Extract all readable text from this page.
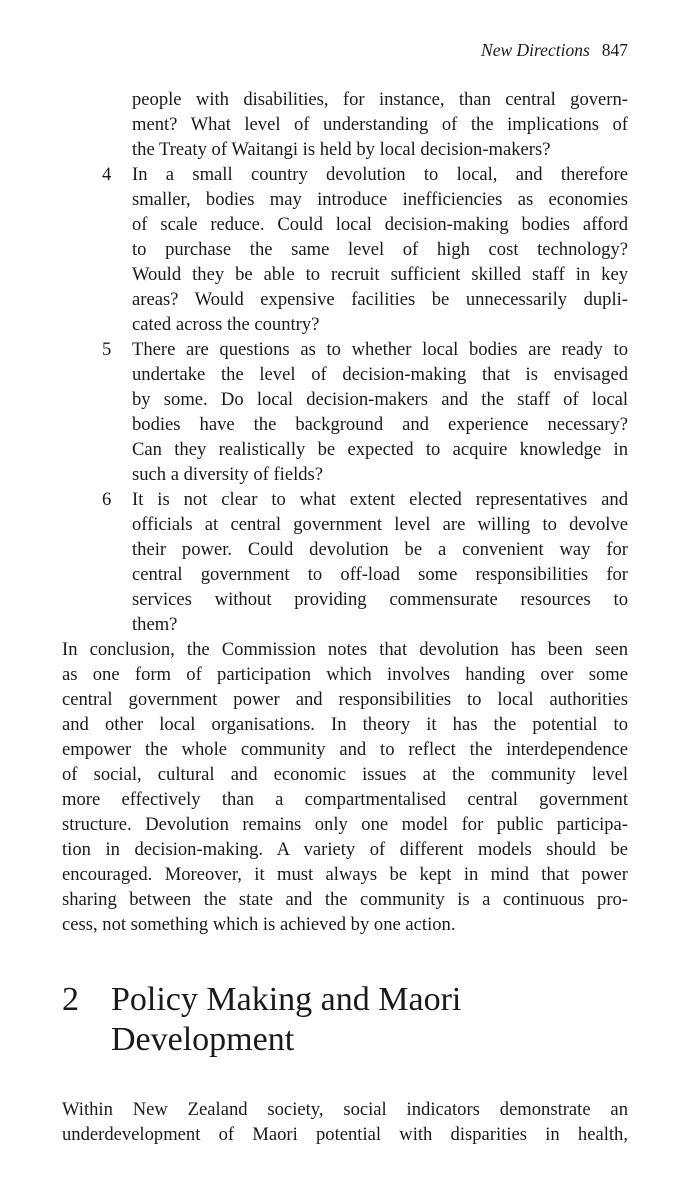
New Directions 847
people with disabilities, for instance, than central govern-
ment? What level of understanding of the implications of
the Treaty of Waitangi is held by local decision-makers?
4 In a small country devolution to local, and therefore
smaller, bodies may introduce inefficiencies as economies
of scale reduce. Could local decision-making bodies afford
to purchase the same level of high cost technology?
Would they be able to recruit sufficient skilled staff in key
areas? Would expensive facilities be unnecessarily dupli-
cated across the country?
5 There are questions as to whether local bodies are ready to
undertake the level of decision-making that is envisaged
by some. Do local decision-makers and the staff of local
bodies have the background and experience necessary?
Can they realistically be expected to acquire knowledge in
such a diversity of fields?
6 It is not clear to what extent elected representatives and
officials at central government level are willing to devolve
their power. Could devolution be a convenient way for
central government to off-load some responsibilities for
services without providing commensurate resources to
them?
In conclusion, the Commission notes that devolution has been seen
as one form of participation which involves handing over some
central government power and responsibilities to local authorities
and other local organisations. In theory it has the potential to
empower the whole community and to reflect the interdependence
of social, cultural and economic issues at the community level
more effectively than a compartmentalised central government
structure. Devolution remains only one model for public participa-
tion in decision-making. A variety of different models should be
encouraged. Moreover, it must always be kept in mind that power
sharing between the state and the community is a continuous pro-
cess, not something which is achieved by one action.
2 Policy Making and Maori
Development
Within New Zealand society, social indicators demonstrate an
underdevelopment of Maori potential with disparities in health,
